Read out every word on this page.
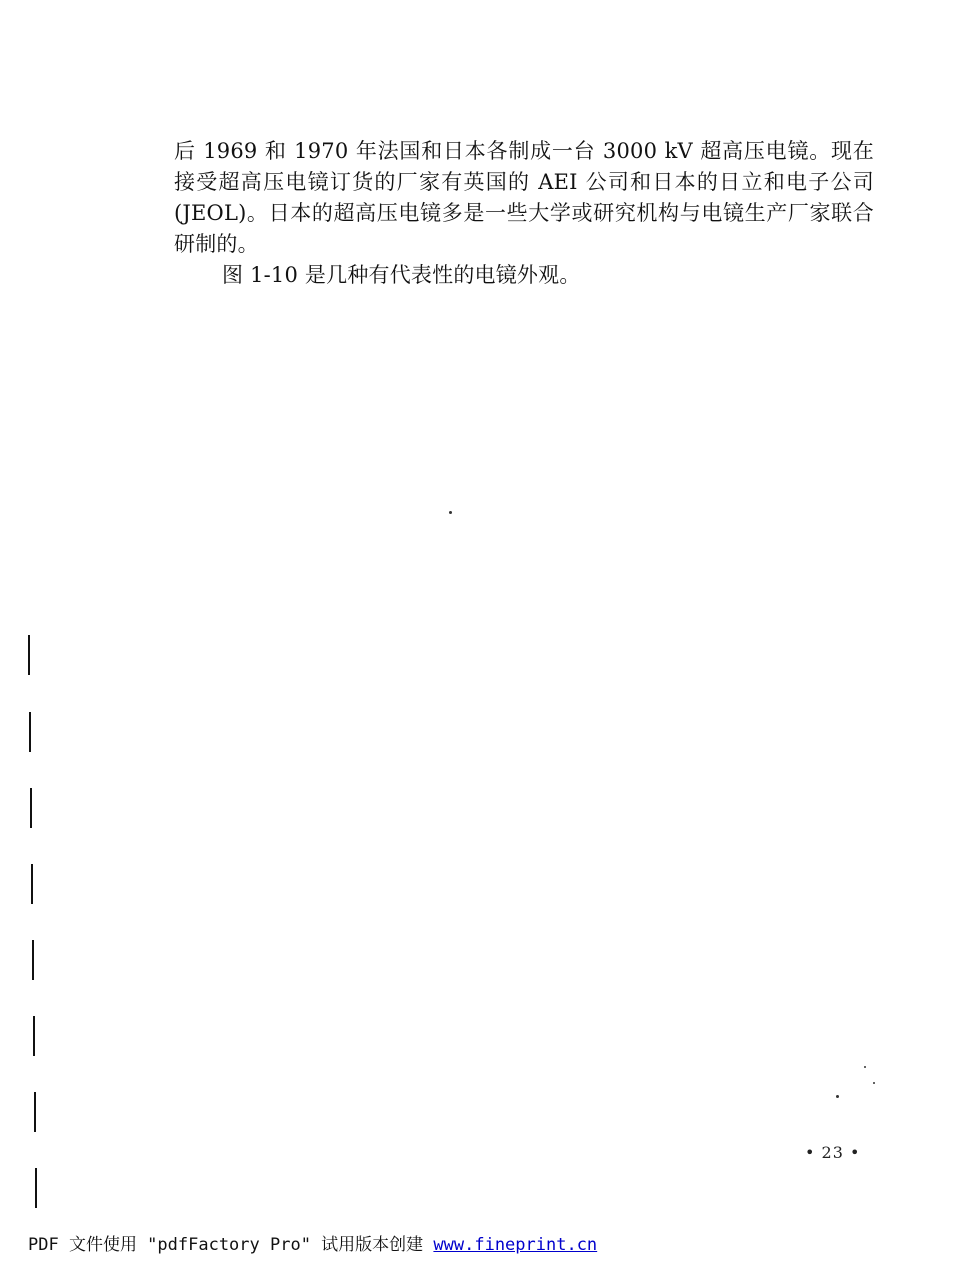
后 1969 和 1970 年法国和日本各制成一台 3000 kV 超高压电镜。现在接受超高压电镜订货的厂家有英国的 AEI 公司和日本的日立和电子公司 (JEOL)。日本的超高压电镜多是一些大学或研究机构与电镜生产厂家联合研制的。

图 1-10 是几种有代表性的电镜外观。

• 23 •
PDF 文件使用 "pdfFactory Pro" 试用版本创建 www.fineprint.cn
